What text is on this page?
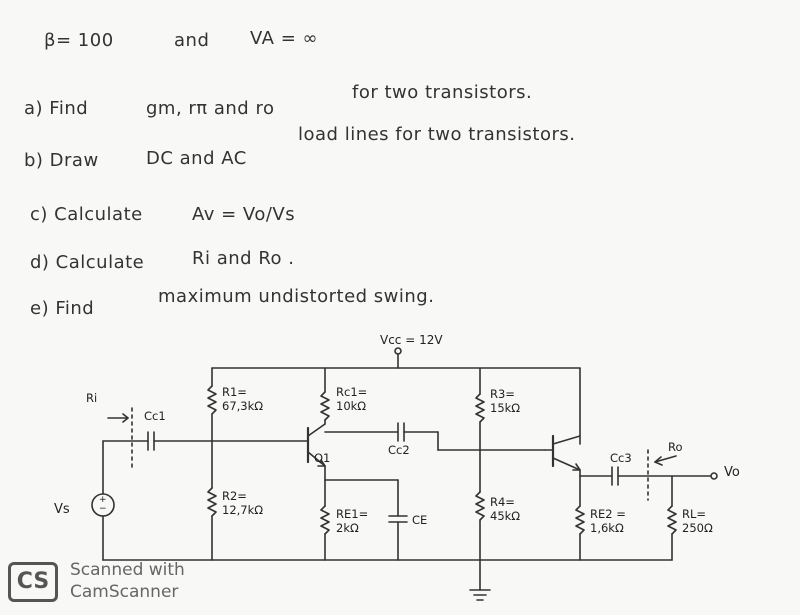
β= 100	and VA = ∞
a) Find	gm, rπ and ro
for two transistors.
b) Draw	DC and AC
load lines for two transistors.
c) Calculate	Av = Vo/Vs
d) Calculate	Ri and Ro .
e) Find
maximum undistorted swing.
Vcc = 12V
Ri
Vs
+
−
Cc1
R1=
67,3kΩ
R2=
12,7kΩ
Rc1=
10kΩ
Q1
Cc2
RE1=
2kΩ
CE
R3=
15kΩ
R4=
45kΩ
Cc3
Ro
Vo
RE2 =
1,6kΩ
RL=
250Ω
CS	Scanned with
CamScanner
